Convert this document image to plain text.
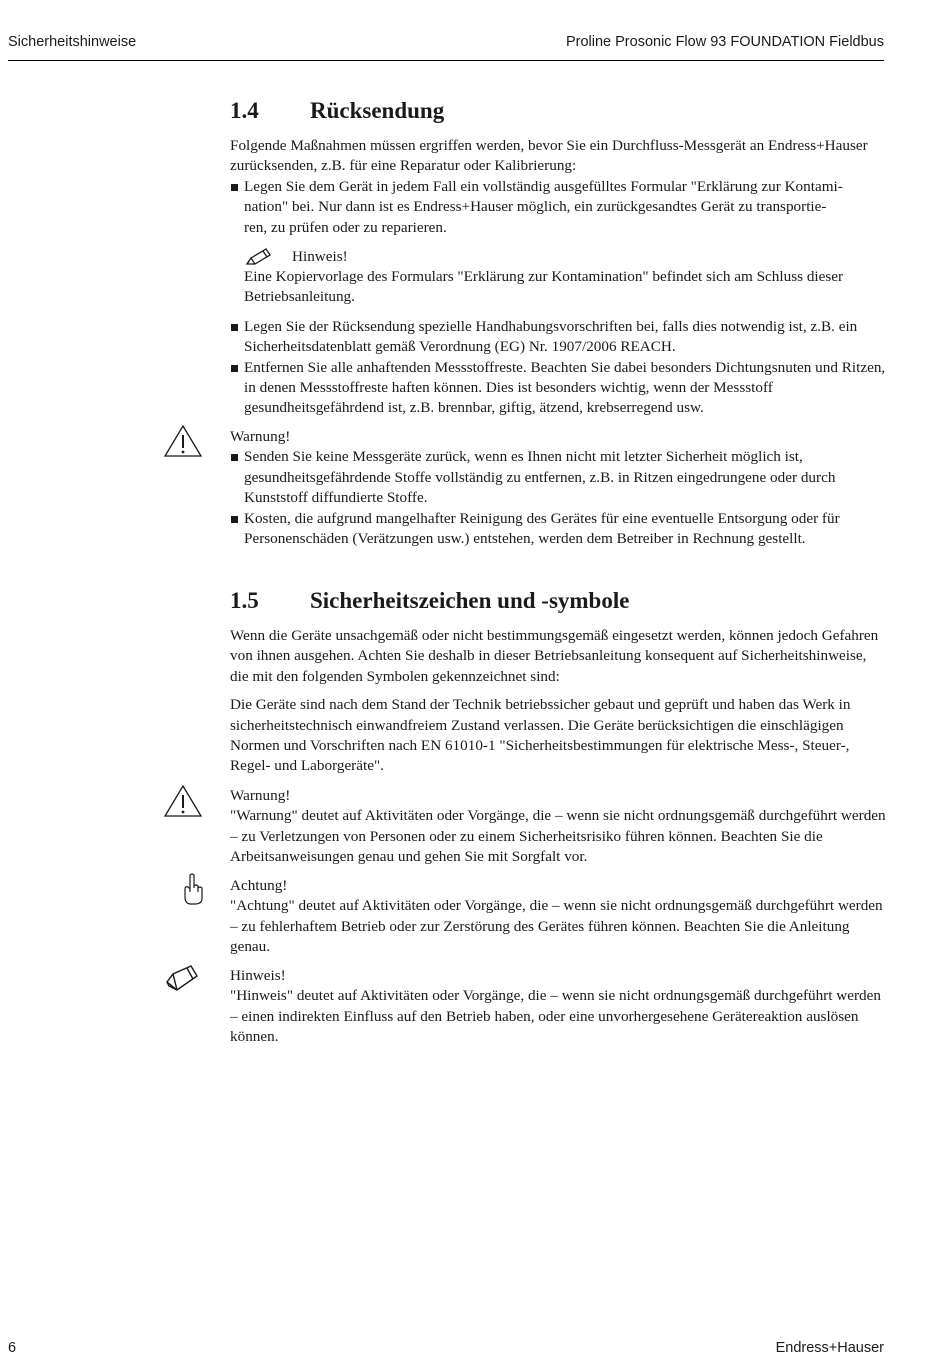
Sicherheitshinweise	Proline Prosonic Flow 93 FOUNDATION Fieldbus
1.4 Rücksendung

Folgende Maßnahmen müssen ergriffen werden, bevor Sie ein Durchfluss-Messgerät an Endress+Hauser zurücksenden, z.B. für eine Reparatur oder Kalibrierung:

Legen Sie dem Gerät in jedem Fall ein vollständig ausgefülltes Formular "Erklärung zur Kontami-
nation" bei. Nur dann ist es Endress+Hauser möglich, ein zurückgesandtes Gerät zu transportie-
ren, zu prüfen oder zu reparieren.
Hinweis!

Eine Kopiervorlage des Formulars "Erklärung zur Kontamination" befindet sich am Schluss dieser Betriebsanleitung.

Legen Sie der Rücksendung spezielle Handhabungsvorschriften bei, falls dies notwendig ist, z.B. ein Sicherheitsdatenblatt gemäß Verordnung (EG) Nr. 1907/2006 REACH.
Entfernen Sie alle anhaftenden Messstoffreste. Beachten Sie dabei besonders Dichtungsnuten und Ritzen, in denen Messstoffreste haften können. Dies ist besonders wichtig, wenn der Messstoff gesundheitsgefährdend ist, z.B. brennbar, giftig, ätzend, krebserregend usw.

Warnung!

Senden Sie keine Messgeräte zurück, wenn es Ihnen nicht mit letzter Sicherheit möglich ist, gesundheitsgefährdende Stoffe vollständig zu entfernen, z.B. in Ritzen eingedrungene oder durch Kunststoff diffundierte Stoffe.
Kosten, die aufgrund mangelhafter Reinigung des Gerätes für eine eventuelle Entsorgung oder für Personenschäden (Verätzungen usw.) entstehen, werden dem Betreiber in Rechnung gestellt.
1.5 Sicherheitszeichen und -symbole

Wenn die Geräte unsachgemäß oder nicht bestimmungsgemäß eingesetzt werden, können jedoch Gefahren von ihnen ausgehen. Achten Sie deshalb in dieser Betriebsanleitung konsequent auf Sicherheitshinweise, die mit den folgenden Symbolen gekennzeichnet sind:

Die Geräte sind nach dem Stand der Technik betriebssicher gebaut und geprüft und haben das Werk in sicherheitstechnisch einwandfreiem Zustand verlassen. Die Geräte berücksichtigen die einschlägigen Normen und Vorschriften nach EN 61010-1 "Sicherheitsbestimmungen für elektrische Mess-, Steuer-, Regel- und Laborgeräte".

Warnung!

"Warnung" deutet auf Aktivitäten oder Vorgänge, die – wenn sie nicht ordnungsgemäß durchgeführt werden – zu Verletzungen von Personen oder zu einem Sicherheitsrisiko führen können. Beachten Sie die Arbeitsanweisungen genau und gehen Sie mit Sorgfalt vor.

Achtung!

"Achtung" deutet auf Aktivitäten oder Vorgänge, die – wenn sie nicht ordnungsgemäß durchgeführt werden – zu fehlerhaftem Betrieb oder zur Zerstörung des Gerätes führen können. Beachten Sie die Anleitung genau.

Hinweis!

"Hinweis" deutet auf Aktivitäten oder Vorgänge, die – wenn sie nicht ordnungsgemäß durchgeführt werden – einen indirekten Einfluss auf den Betrieb haben, oder eine unvorhergesehene Gerätereaktion auslösen können.

6	Endress+Hauser
